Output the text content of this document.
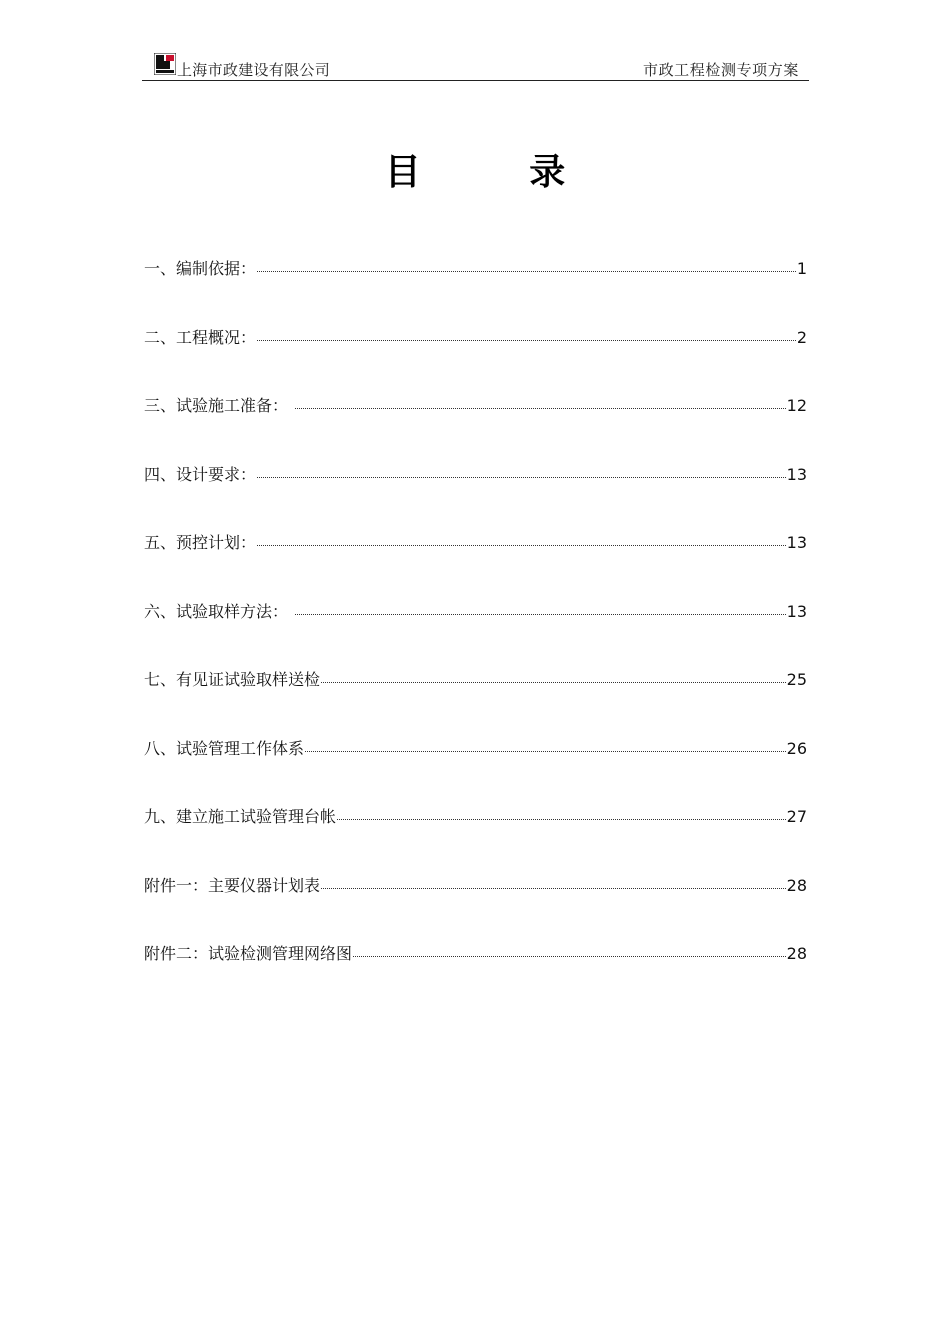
上海市政建设有限公司	市政工程检测专项方案
目 录
一、编制依据：	1
二、工程概况：	2
三、试验施工准备：	12
四、设计要求：	13
五、预控计划：	13
六、试验取样方法：	13
七、有见证试验取样送检	25
八、试验管理工作体系	26
九、建立施工试验管理台帐	27
附件一：主要仪器计划表	28
附件二：试验检测管理网络图	28
